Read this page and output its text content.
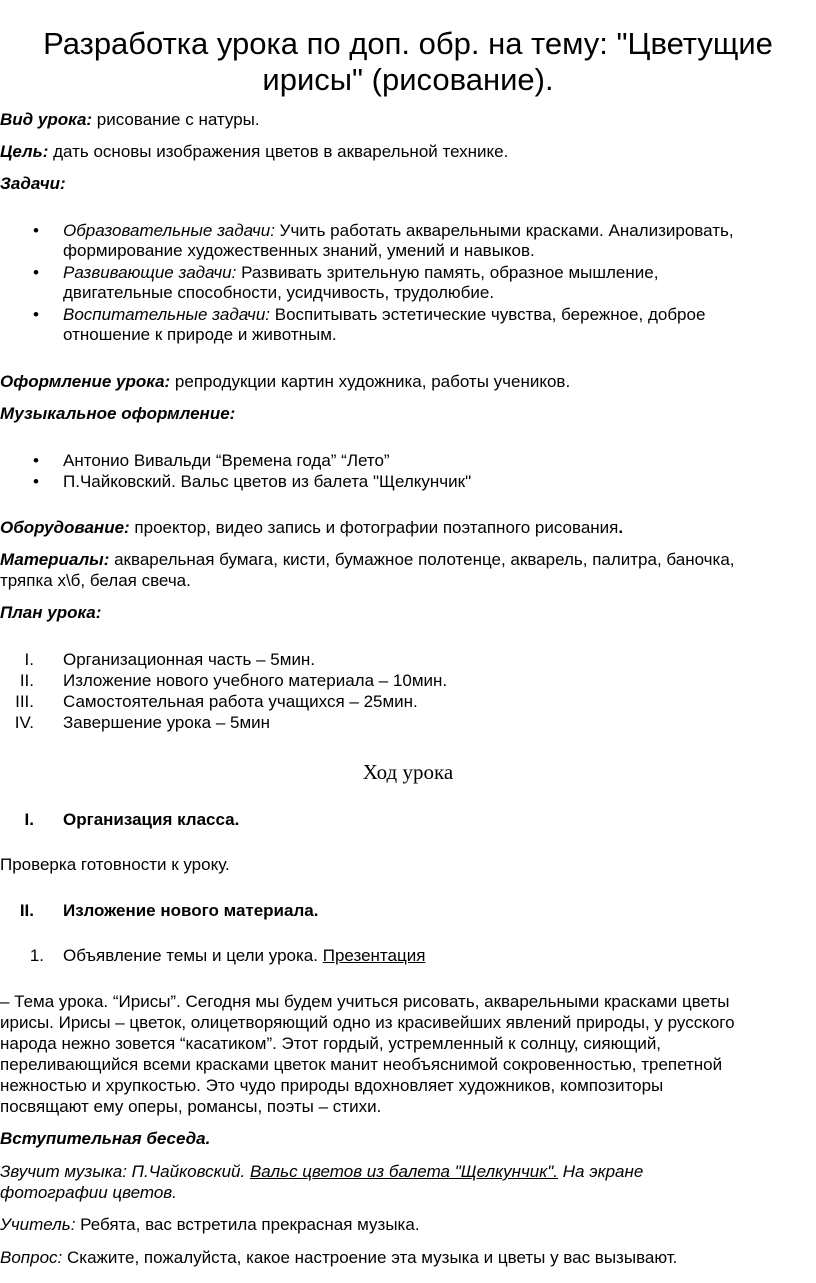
Разработка урока по доп. обр. на тему: "Цветущие
ирисы" (рисование).

Вид урока: рисование с натуры.

Цель: дать основы изображения цветов в акварельной технике.

Задачи:

• Образовательные задачи: Учить работать акварельными красками. Анализировать,
формирование художественных знаний, умений и навыков.
• Развивающие задачи: Развивать зрительную память, образное мышление,
двигательные способности, усидчивость, трудолюбие.
• Воспитательные задачи: Воспитывать эстетические чувства, бережное, доброе
отношение к природе и животным.

Оформление урока: репродукции картин художника, работы учеников.

Музыкальное оформление:

• Антонио Вивальди “Времена года” “Лето”
• П.Чайковский. Вальс цветов из балета "Щелкунчик"

Оборудование: проектор, видео запись и фотографии поэтапного рисования.

Материалы: акварельная бумага, кисти, бумажное полотенце, акварель, палитра, баночка,

тряпка х\б, белая свеча.

План урока:

I. Организационная часть – 5мин.
II. Изложение нового учебного материала – 10мин.
III. Самостоятельная работа учащихся – 25мин.
IV. Завершение урока – 5мин
Ход урока
I. Организация класса.

Проверка готовности к уроку.

II. Изложение нового материала.
1. Объявление темы и цели урока. Презентация

– Тема урока. “Ирисы”. Сегодня мы будем учиться рисовать, акварельными красками цветы

ирисы. Ирисы – цветок, олицетворяющий одно из красивейших явлений природы, у русского

народа нежно зовется “касатиком”. Этот гордый, устремленный к солнцу, сияющий,

переливающийся всеми красками цветок манит необъяснимой сокровенностью, трепетной

нежностью и хрупкостью. Это чудо природы вдохновляет художников, композиторы

посвящают ему оперы, романсы, поэты – стихи.

Вступительная беседа.

Звучит музыка: П.Чайковский. Вальс цветов из балета "Щелкунчик". На экране

фотографии цветов.

Учитель: Ребята, вас встретила прекрасная музыка.

Вопрос: Скажите, пожалуйста, какое настроение эта музыка и цветы у вас вызывают.
